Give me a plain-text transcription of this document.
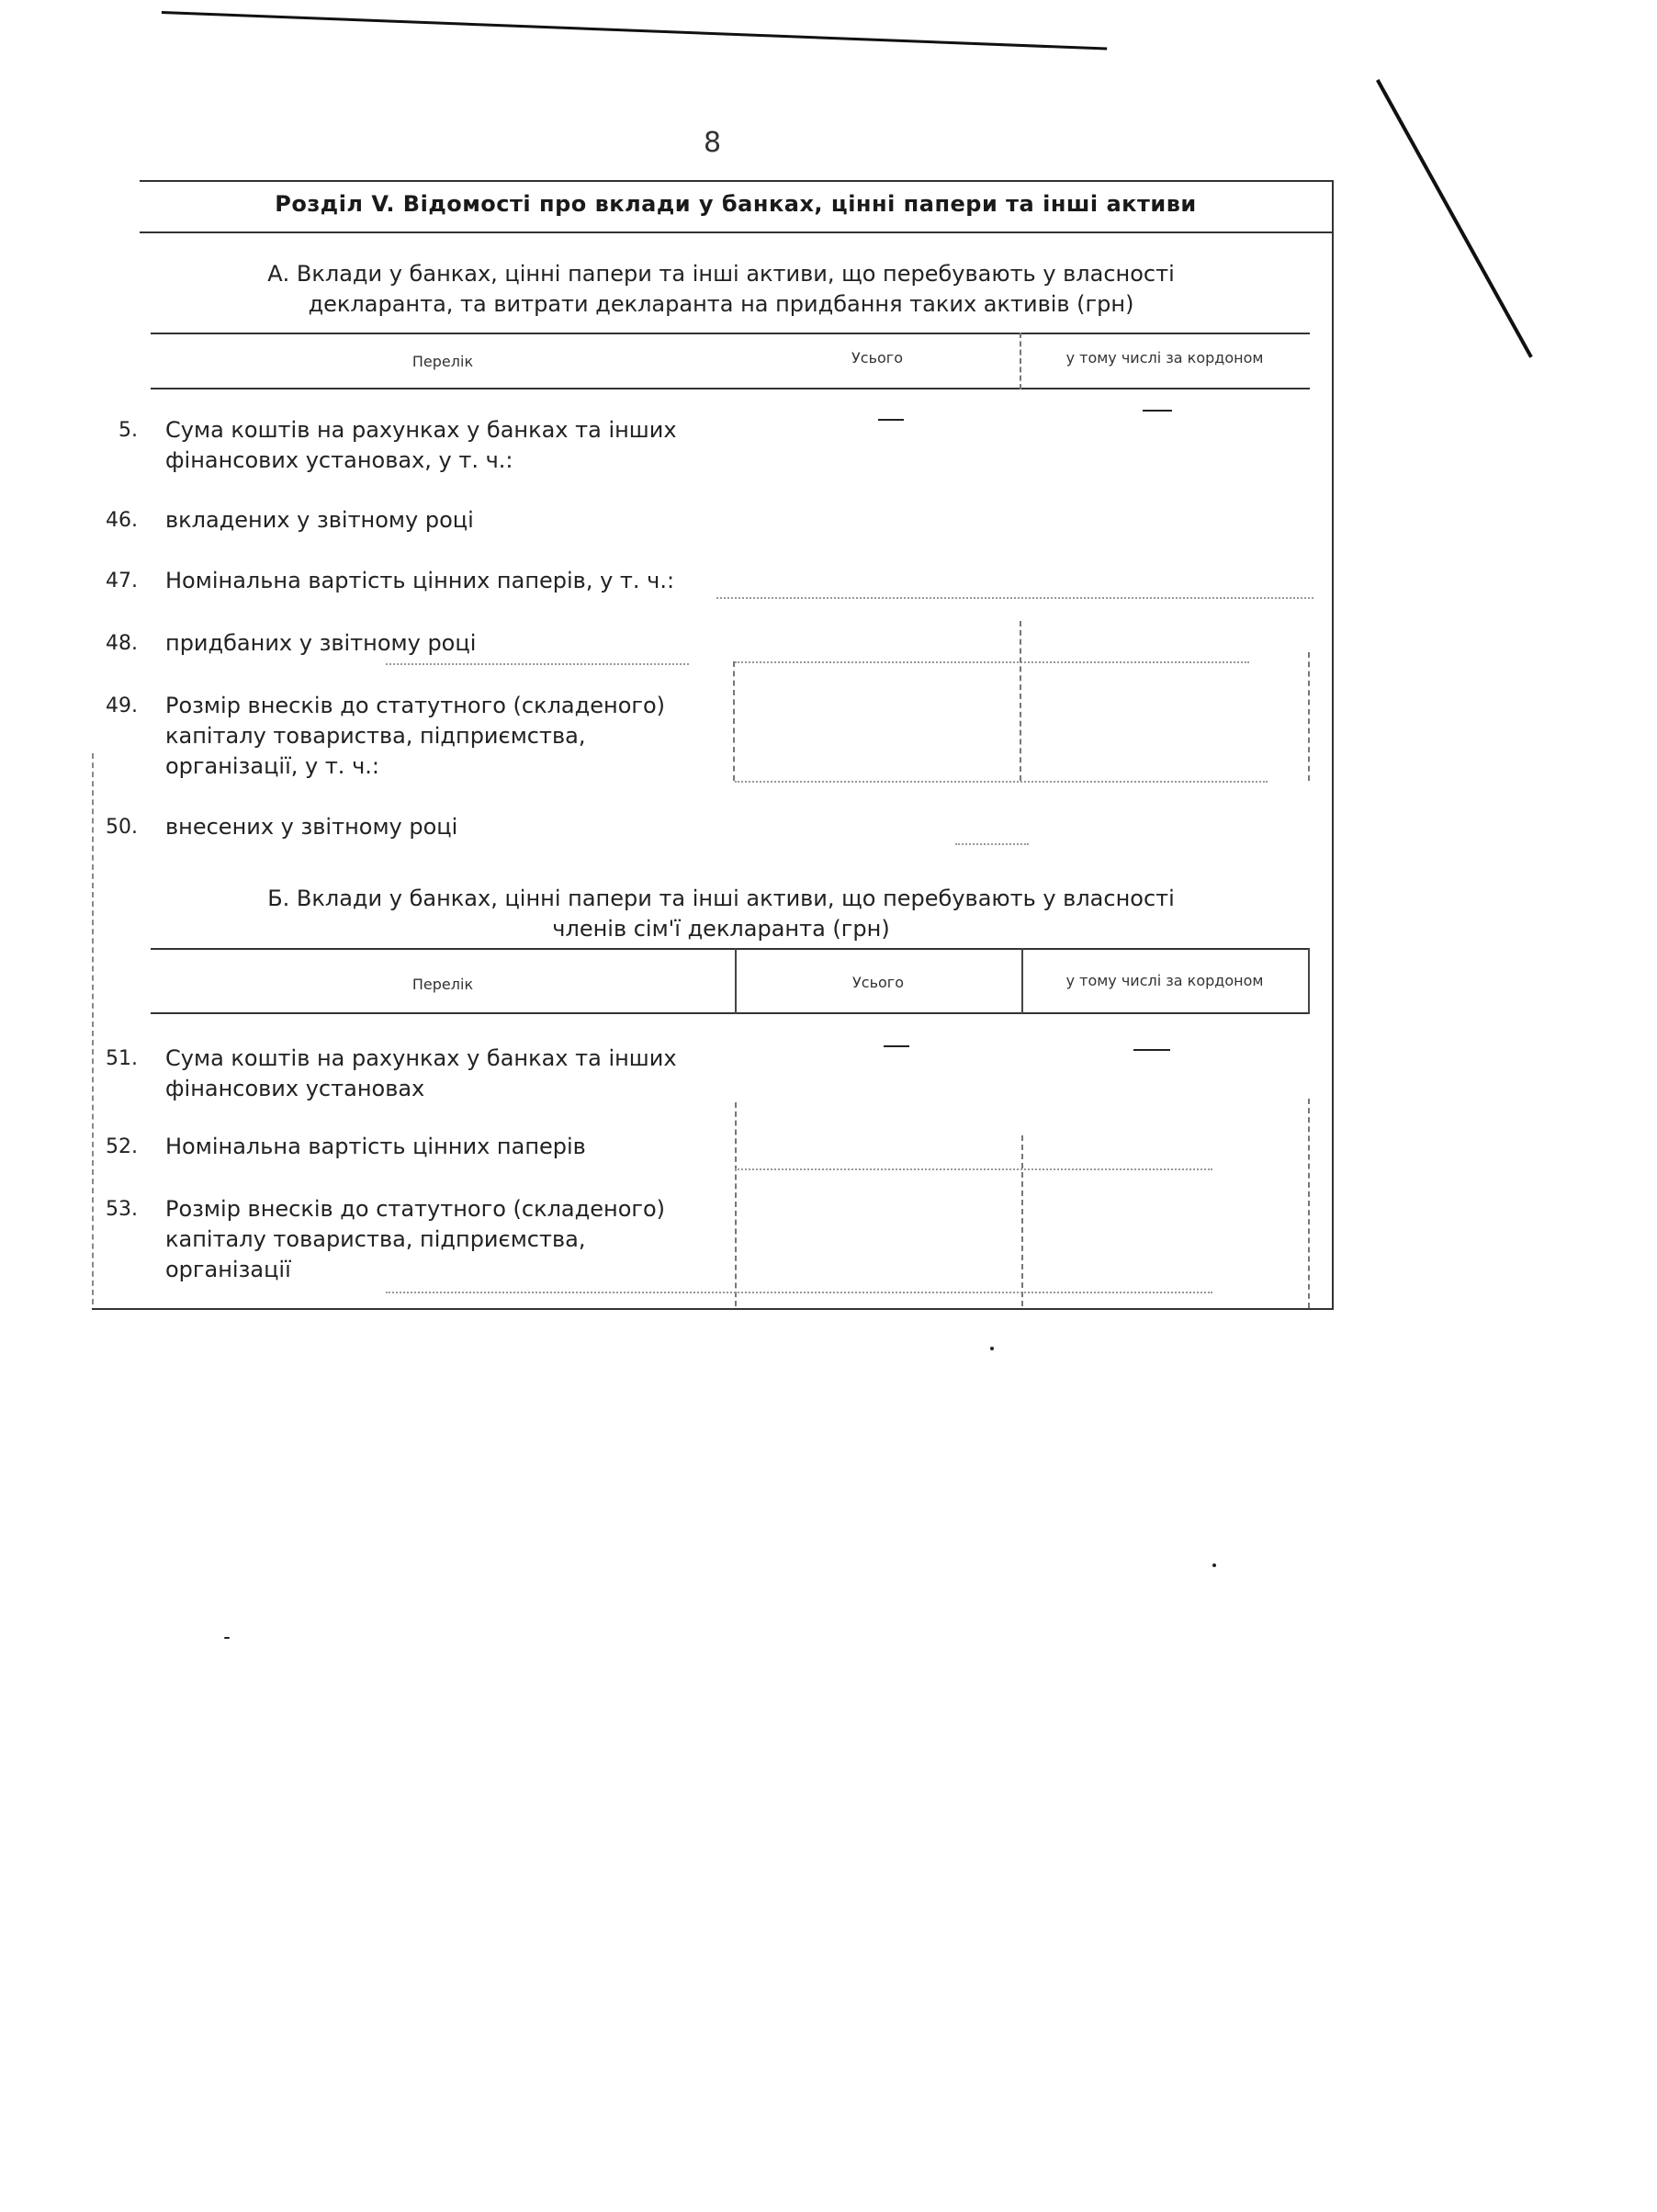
8
Розділ V. Відомості про вклади у банках, цінні папери та інші активи
А. Вклади у банках, цінні папери та інші активи, що перебувають у власності
декларанта, та витрати декларанта на придбання таких активів (грн)
Перелік	Усього	у тому числі за кордоном
5. Сума коштів на рахунках у банках та інших фінансових установах, у т. ч.:
46. вкладених у звітному році
47. Номінальна вартість цінних паперів, у т. ч.:
48. придбаних у звітному році
49. Розмір внесків до статутного (складеного) капіталу товариства, підприємства, організації, у т. ч.:
50. внесених у звітному році
Б. Вклади у банках, цінні папери та інші активи, що перебувають у власності
членів сім'ї декларанта (грн)
Перелік	Усього	у тому числі за кордоном
51. Сума коштів на рахунках у банках та інших фінансових установах
52. Номінальна вартість цінних паперів
53. Розмір внесків до статутного (складеного) капіталу товариства, підприємства, організації
